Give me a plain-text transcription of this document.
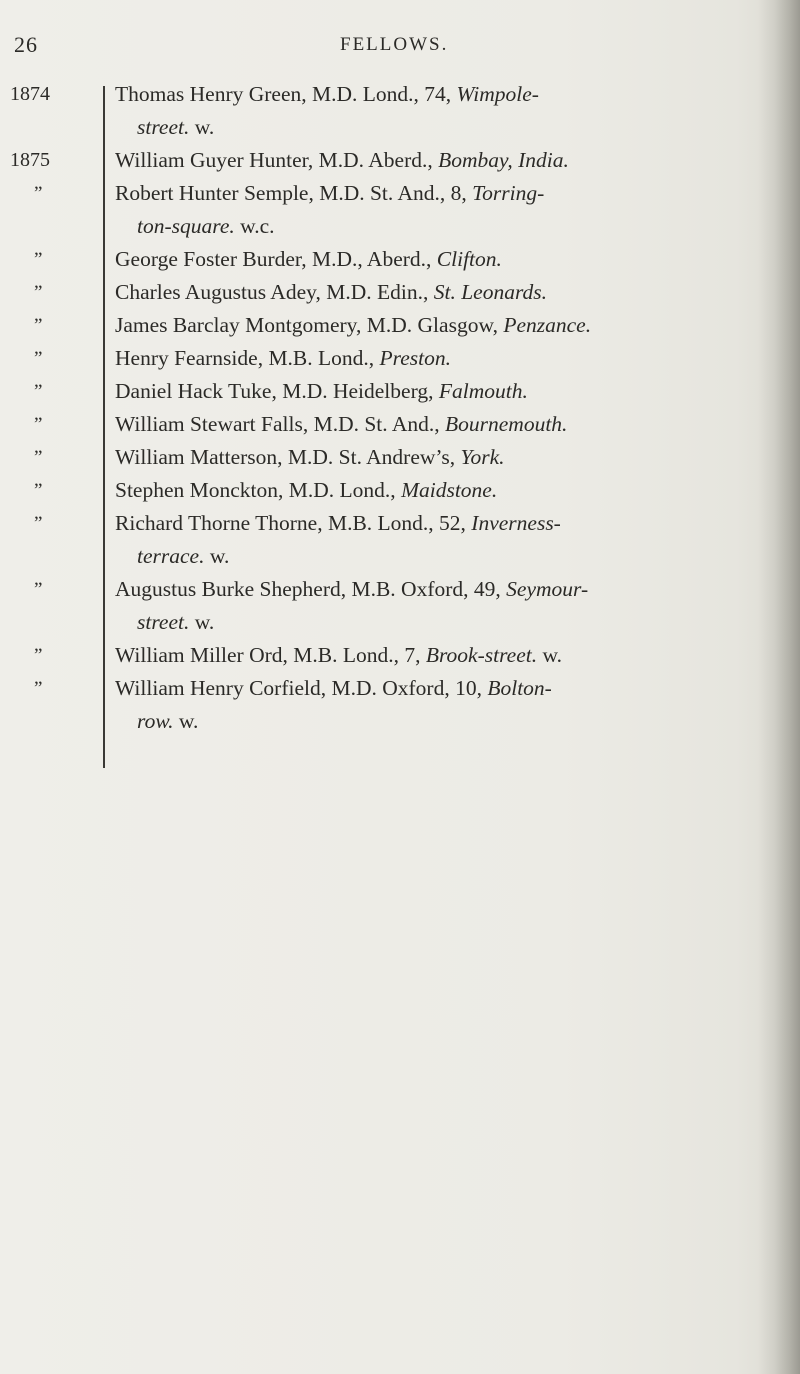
26	FELLOWS.
1874
1875
”
”
”
”
”
”
”
”
”
”
”
”
”
Thomas Henry Green, M.D. Lond., 74, Wimpole-
street. w.
William Guyer Hunter, M.D. Aberd., Bombay, India.
Robert Hunter Semple, M.D. St. And., 8, Torring-
ton-square. w.c.
George Foster Burder, M.D., Aberd., Clifton.
Charles Augustus Adey, M.D. Edin., St. Leonards.
James Barclay Montgomery, M.D. Glasgow, Penzance.
Henry Fearnside, M.B. Lond., Preston.
Daniel Hack Tuke, M.D. Heidelberg, Falmouth.
William Stewart Falls, M.D. St. And., Bournemouth.
William Matterson, M.D. St. Andrew’s, York.
Stephen Monckton, M.D. Lond., Maidstone.
Richard Thorne Thorne, M.B. Lond., 52, Inverness-
terrace. w.
Augustus Burke Shepherd, M.B. Oxford, 49, Seymour-
street. w.
William Miller Ord, M.B. Lond., 7, Brook-street. w.
William Henry Corfield, M.D. Oxford, 10, Bolton-
row. w.
